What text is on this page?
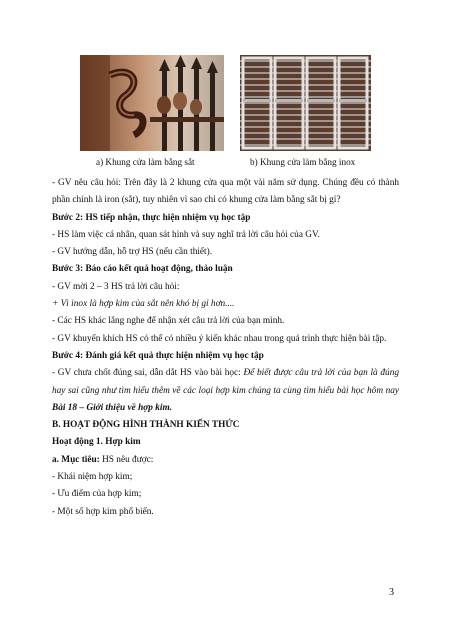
a) Khung cửa làm bằng sắt	b) Khung cửa làm bằng inox

- GV nêu câu hỏi: Trên đây là 2 khung cửa qua một vài năm sử dụng. Chúng đều có thành phần chính là iron (sắt), tuy nhiên vì sao chỉ có khung cửa làm bằng sắt bị gỉ?

Bước 2: HS tiếp nhận, thực hiện nhiệm vụ học tập

- HS làm việc cá nhân, quan sát hình và suy nghĩ trả lời câu hỏi của GV.

- GV hướng dẫn, hỗ trợ HS (nếu cần thiết).

Bước 3: Báo cáo kết quả hoạt động, thảo luận

- GV mời 2 – 3 HS trả lời câu hỏi:

+ Vì inox là hợp kim của sắt nên khó bị gỉ hơn....

- Các HS khác lắng nghe để nhận xét câu trả lời của bạn mình.

- GV khuyến khích HS có thể có nhiều ý kiến khác nhau trong quá trình thực hiện bài tập.

Bước 4: Đánh giá kết quả thực hiện nhiệm vụ học tập

- GV chưa chốt đúng sai, dẫn dắt HS vào bài học: Để biết được câu trả lời của bạn là đúng hay sai cũng như tìm hiểu thêm về các loại hợp kim chúng ta cùng tìm hiểu bài học hôm nay Bài 18 – Giới thiệu về hợp kim.

B. HOẠT ĐỘNG HÌNH THÀNH KIẾN THỨC

Hoạt động 1. Hợp kim

a. Mục tiêu: HS nêu được:

- Khái niệm hợp kim;

- Ưu điểm của hợp kim;

- Một số hợp kim phổ biến.

3
